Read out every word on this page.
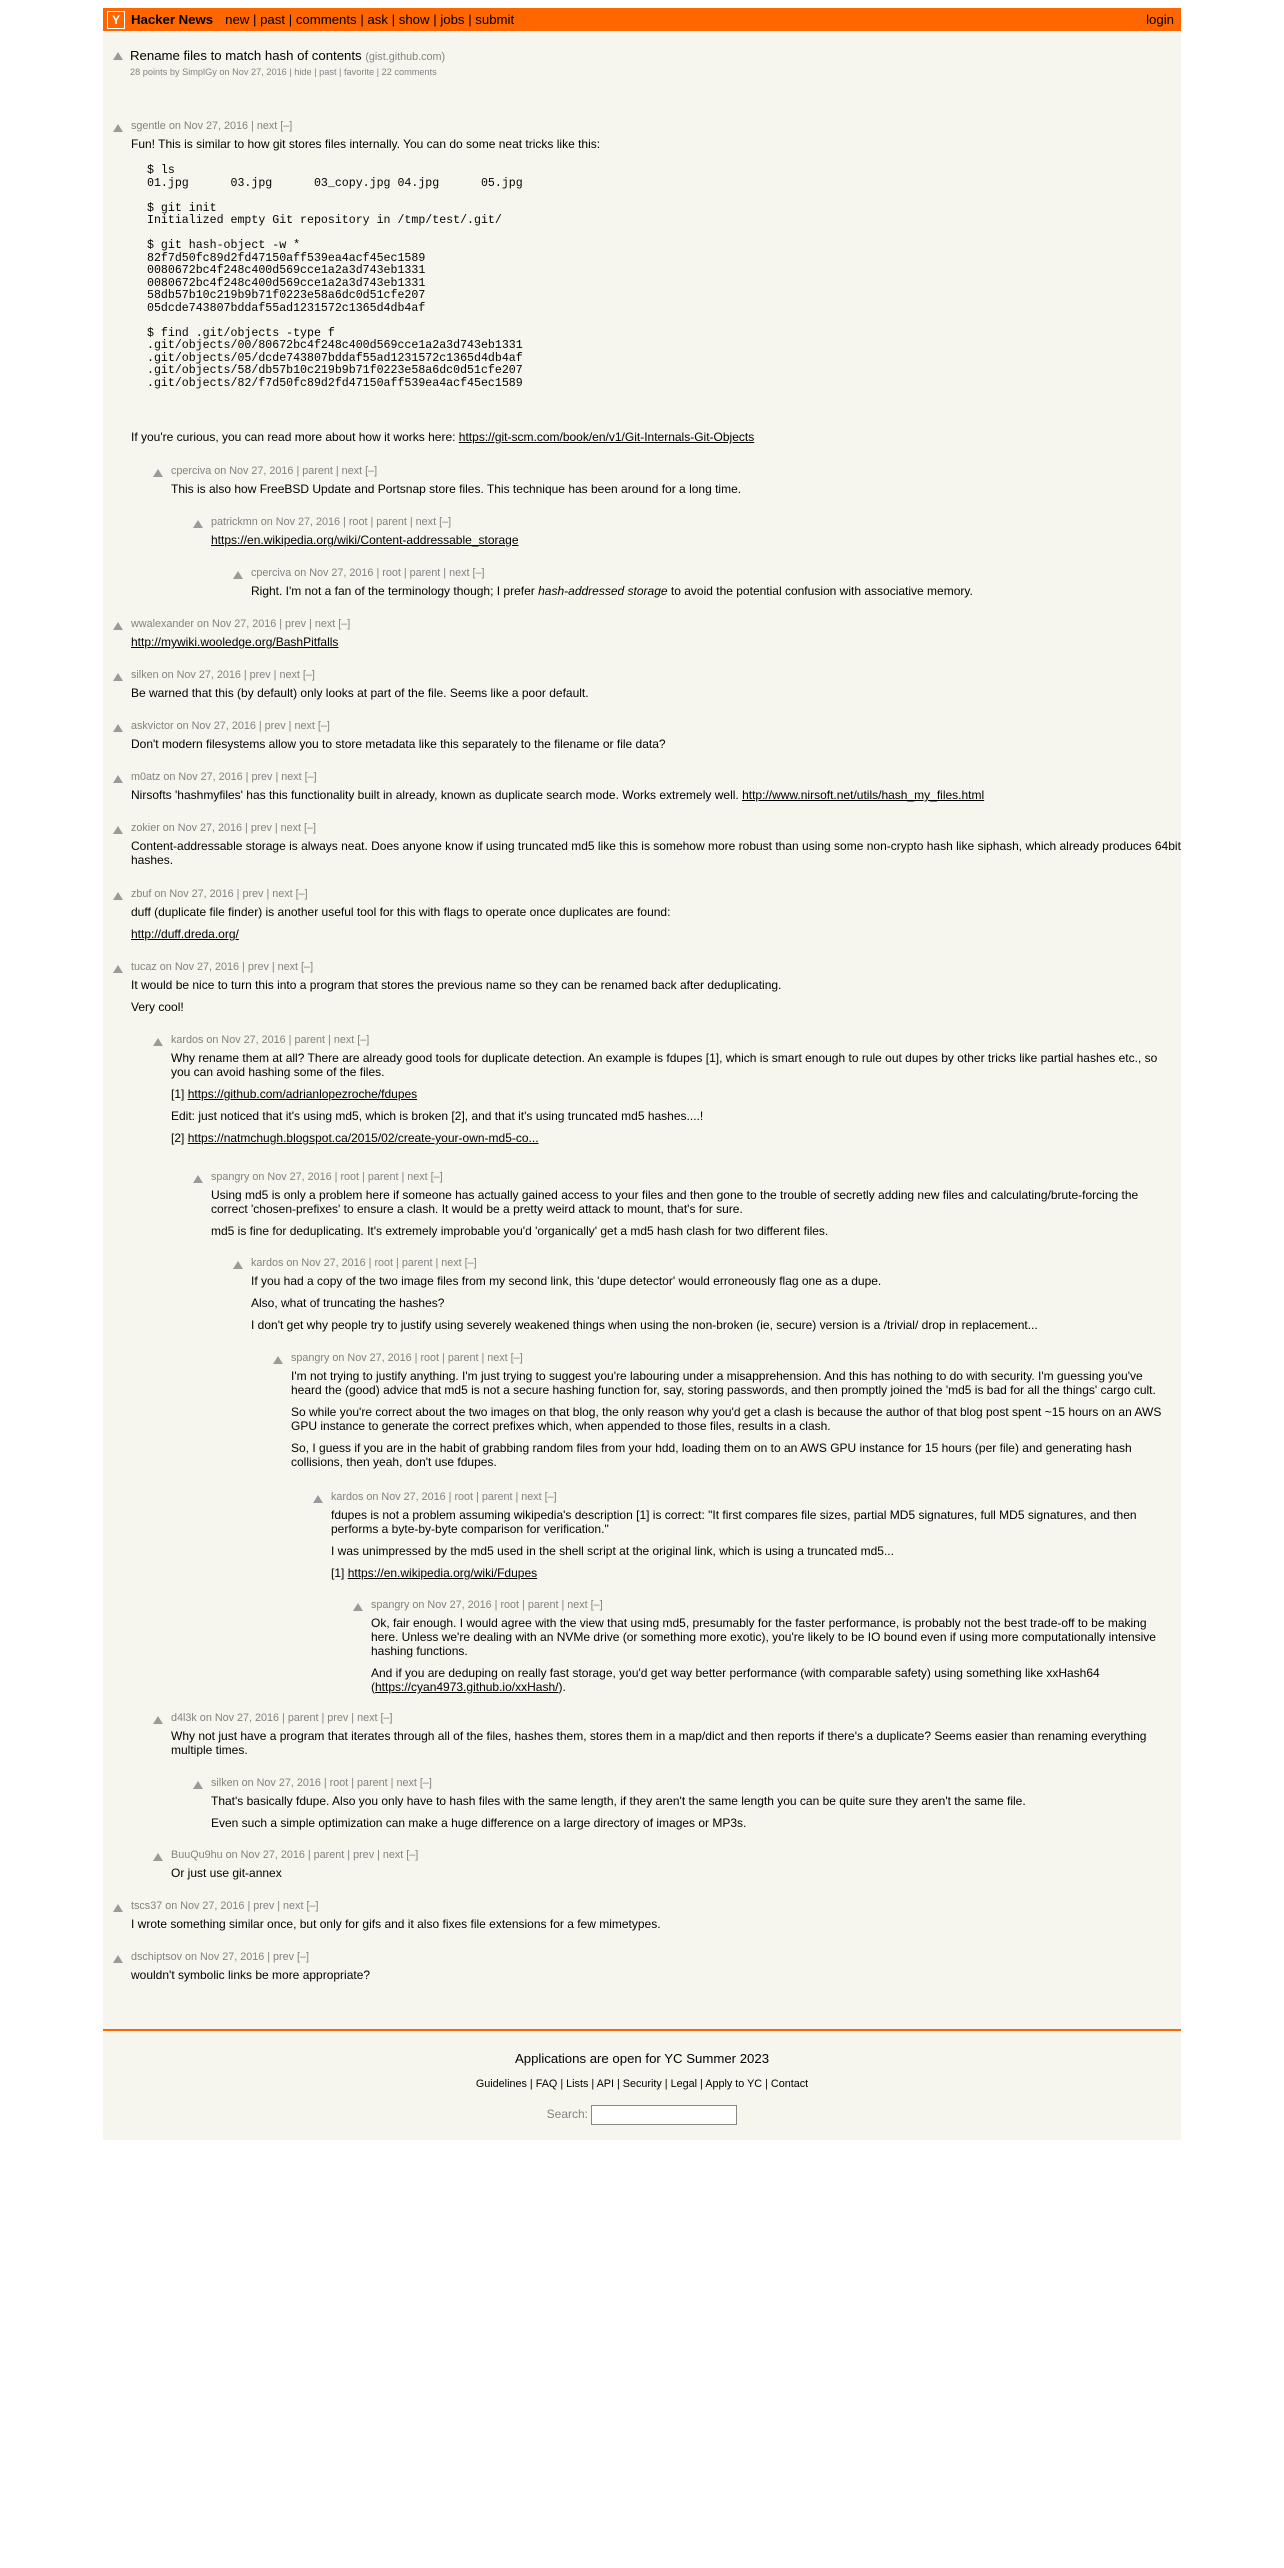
Y Hacker News new | past | comments | ask | show | jobs | submit	login
Rename files to match hash of contents (gist.github.com)
28 points by SimplGy on Nov 27, 2016 | hide | past | favorite | 22 comments
sgentle on Nov 27, 2016 | next [–]
Fun! This is similar to how git stores files internally. You can do some neat tricks like this:
$ ls
01.jpg      03.jpg      03_copy.jpg 04.jpg      05.jpg

$ git init
Initialized empty Git repository in /tmp/test/.git/

$ git hash-object -w *
82f7d50fc89d2fd47150aff539ea4acf45ec1589
0080672bc4f248c400d569cce1a2a3d743eb1331
0080672bc4f248c400d569cce1a2a3d743eb1331
58db57b10c219b9b71f0223e58a6dc0d51cfe207
05dcde743807bddaf55ad1231572c1365d4db4af

$ find .git/objects -type f
.git/objects/00/80672bc4f248c400d569cce1a2a3d743eb1331
.git/objects/05/dcde743807bddaf55ad1231572c1365d4db4af
.git/objects/58/db57b10c219b9b71f0223e58a6dc0d51cfe207
.git/objects/82/f7d50fc89d2fd47150aff539ea4acf45ec1589
If you're curious, you can read more about how it works here: https://git-scm.com/book/en/v1/Git-Internals-Git-Objects
cperciva on Nov 27, 2016 | parent | next [–]
This is also how FreeBSD Update and Portsnap store files. This technique has been around for a long time.
patrickmn on Nov 27, 2016 | root | parent | next [–]
https://en.wikipedia.org/wiki/Content-addressable_storage
cperciva on Nov 27, 2016 | root | parent | next [–]
Right. I'm not a fan of the terminology though; I prefer hash-addressed storage to avoid the potential confusion with associative memory.
wwalexander on Nov 27, 2016 | prev | next [–]
http://mywiki.wooledge.org/BashPitfalls
silken on Nov 27, 2016 | prev | next [–]
Be warned that this (by default) only looks at part of the file. Seems like a poor default.
askvictor on Nov 27, 2016 | prev | next [–]
Don't modern filesystems allow you to store metadata like this separately to the filename or file data?
m0atz on Nov 27, 2016 | prev | next [–]
Nirsofts 'hashmyfiles' has this functionality built in already, known as duplicate search mode. Works extremely well. http://www.nirsoft.net/utils/hash_my_files.html
zokier on Nov 27, 2016 | prev | next [–]
Content-addressable storage is always neat. Does anyone know if using truncated md5 like this is somehow more robust than using some non-crypto hash like siphash, which already produces 64bit hashes.
zbuf on Nov 27, 2016 | prev | next [–]
duff (duplicate file finder) is another useful tool for this with flags to operate once duplicates are found:
http://duff.dreda.org/
tucaz on Nov 27, 2016 | prev | next [–]
It would be nice to turn this into a program that stores the previous name so they can be renamed back after deduplicating.
Very cool!
kardos on Nov 27, 2016 | parent | next [–]
Why rename them at all? There are already good tools for duplicate detection. An example is fdupes [1], which is smart enough to rule out dupes by other tricks like partial hashes etc., so you can avoid hashing some of the files.
[1] https://github.com/adrianlopezroche/fdupes
Edit: just noticed that it's using md5, which is broken [2], and that it's using truncated md5 hashes....!
[2] https://natmchugh.blogspot.ca/2015/02/create-your-own-md5-co...
spangry on Nov 27, 2016 | root | parent | next [–]
Using md5 is only a problem here if someone has actually gained access to your files and then gone to the trouble of secretly adding new files and calculating/brute-forcing the correct 'chosen-prefixes' to ensure a clash. It would be a pretty weird attack to mount, that's for sure.
md5 is fine for deduplicating. It's extremely improbable you'd 'organically' get a md5 hash clash for two different files.
kardos on Nov 27, 2016 | root | parent | next [–]
If you had a copy of the two image files from my second link, this 'dupe detector' would erroneously flag one as a dupe.
Also, what of truncating the hashes?
I don't get why people try to justify using severely weakened things when using the non-broken (ie, secure) version is a /trivial/ drop in replacement...
spangry on Nov 27, 2016 | root | parent | next [–]
I'm not trying to justify anything. I'm just trying to suggest you're labouring under a misapprehension. And this has nothing to do with security. I'm guessing you've heard the (good) advice that md5 is not a secure hashing function for, say, storing passwords, and then promptly joined the 'md5 is bad for all the things' cargo cult.
So while you're correct about the two images on that blog, the only reason why you'd get a clash is because the author of that blog post spent ~15 hours on an AWS GPU instance to generate the correct prefixes which, when appended to those files, results in a clash.
So, I guess if you are in the habit of grabbing random files from your hdd, loading them on to an AWS GPU instance for 15 hours (per file) and generating hash collisions, then yeah, don't use fdupes.
kardos on Nov 27, 2016 | root | parent | next [–]
fdupes is not a problem assuming wikipedia's description [1] is correct: "It first compares file sizes, partial MD5 signatures, full MD5 signatures, and then performs a byte-by-byte comparison for verification."
I was unimpressed by the md5 used in the shell script at the original link, which is using a truncated md5...
[1] https://en.wikipedia.org/wiki/Fdupes
spangry on Nov 27, 2016 | root | parent | next [–]
Ok, fair enough. I would agree with the view that using md5, presumably for the faster performance, is probably not the best trade-off to be making here. Unless we're dealing with an NVMe drive (or something more exotic), you're likely to be IO bound even if using more computationally intensive hashing functions.
And if you are deduping on really fast storage, you'd get way better performance (with comparable safety) using something like xxHash64 (https://cyan4973.github.io/xxHash/).
d4l3k on Nov 27, 2016 | parent | prev | next [–]
Why not just have a program that iterates through all of the files, hashes them, stores them in a map/dict and then reports if there's a duplicate? Seems easier than renaming everything multiple times.
silken on Nov 27, 2016 | root | parent | next [–]
That's basically fdupe. Also you only have to hash files with the same length, if they aren't the same length you can be quite sure they aren't the same file.
Even such a simple optimization can make a huge difference on a large directory of images or MP3s.
BuuQu9hu on Nov 27, 2016 | parent | prev | next [–]
Or just use git-annex
tscs37 on Nov 27, 2016 | prev | next [–]
I wrote something similar once, but only for gifs and it also fixes file extensions for a few mimetypes.
dschiptsov on Nov 27, 2016 | prev [–]
wouldn't symbolic links be more appropriate?
Applications are open for YC Summer 2023
Guidelines | FAQ | Lists | API | Security | Legal | Apply to YC | Contact
Search:
